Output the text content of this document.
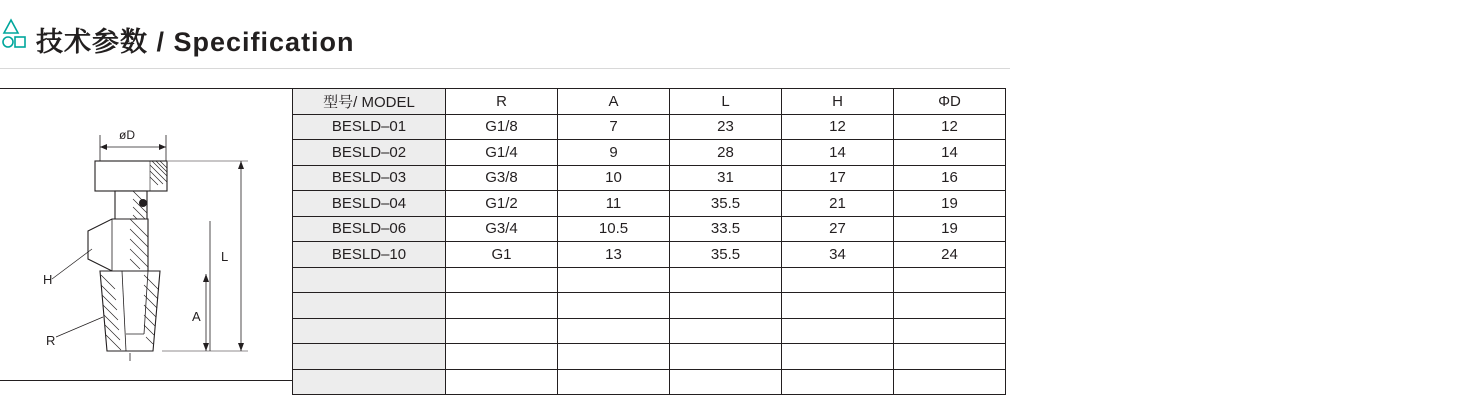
技术参数 / Specification
øD
L
A
H
R
型号/ MODEL	R	A	L	H	ΦD
BESLD–01	G1/8	7	23	12	12
BESLD–02	G1/4	9	28	14	14
BESLD–03	G3/8	10	31	17	16
BESLD–04	G1/2	11	35.5	21	19
BESLD–06	G3/4	10.5	33.5	27	19
BESLD–10	G1	13	35.5	34	24
